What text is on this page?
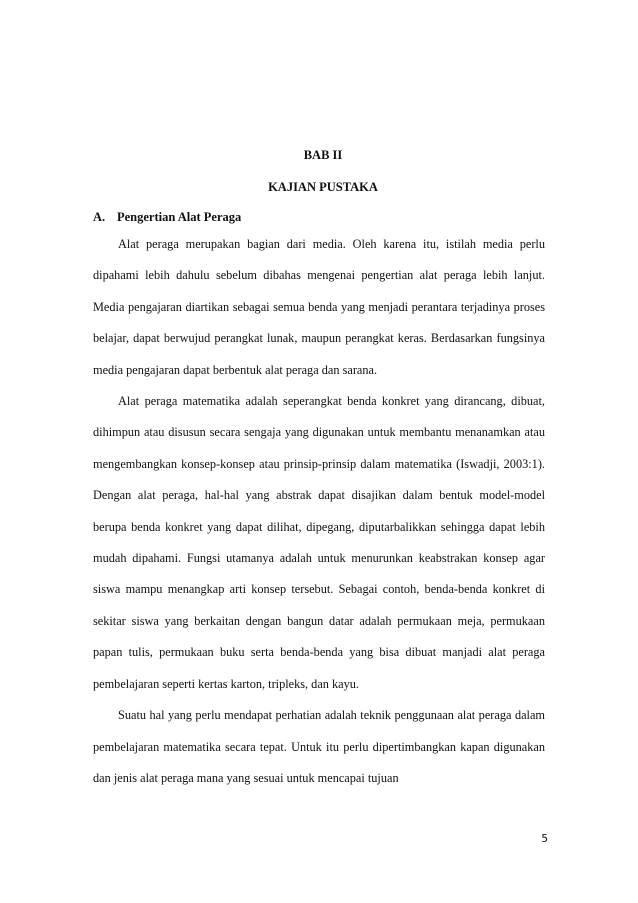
BAB II

KAJIAN PUSTAKA

A. Pengertian Alat Peraga

Alat peraga merupakan bagian dari media. Oleh karena itu, istilah media perlu dipahami lebih dahulu sebelum dibahas mengenai pengertian alat peraga lebih lanjut. Media pengajaran diartikan sebagai semua benda yang menjadi perantara terjadinya proses belajar, dapat berwujud perangkat lunak, maupun perangkat keras. Berdasarkan fungsinya media pengajaran dapat berbentuk alat peraga dan sarana.

Alat peraga matematika adalah seperangkat benda konkret yang dirancang, dibuat, dihimpun atau disusun secara sengaja yang digunakan untuk membantu menanamkan atau mengembangkan konsep-konsep atau prinsip-prinsip dalam matematika (Iswadji, 2003:1). Dengan alat peraga, hal-hal yang abstrak dapat disajikan dalam bentuk model-model berupa benda konkret yang dapat dilihat, dipegang, diputarbalikkan sehingga dapat lebih mudah dipahami. Fungsi utamanya adalah untuk menurunkan keabstrakan konsep agar siswa mampu menangkap arti konsep tersebut. Sebagai contoh, benda-benda konkret di sekitar siswa yang berkaitan dengan bangun datar adalah permukaan meja, permukaan papan tulis, permukaan buku serta benda-benda yang bisa dibuat manjadi alat peraga pembelajaran seperti kertas karton, tripleks, dan kayu.

Suatu hal yang perlu mendapat perhatian adalah teknik penggunaan alat peraga dalam pembelajaran matematika secara tepat. Untuk itu perlu dipertimbangkan kapan digunakan dan jenis alat peraga mana yang sesuai untuk mencapai tujuan

5
